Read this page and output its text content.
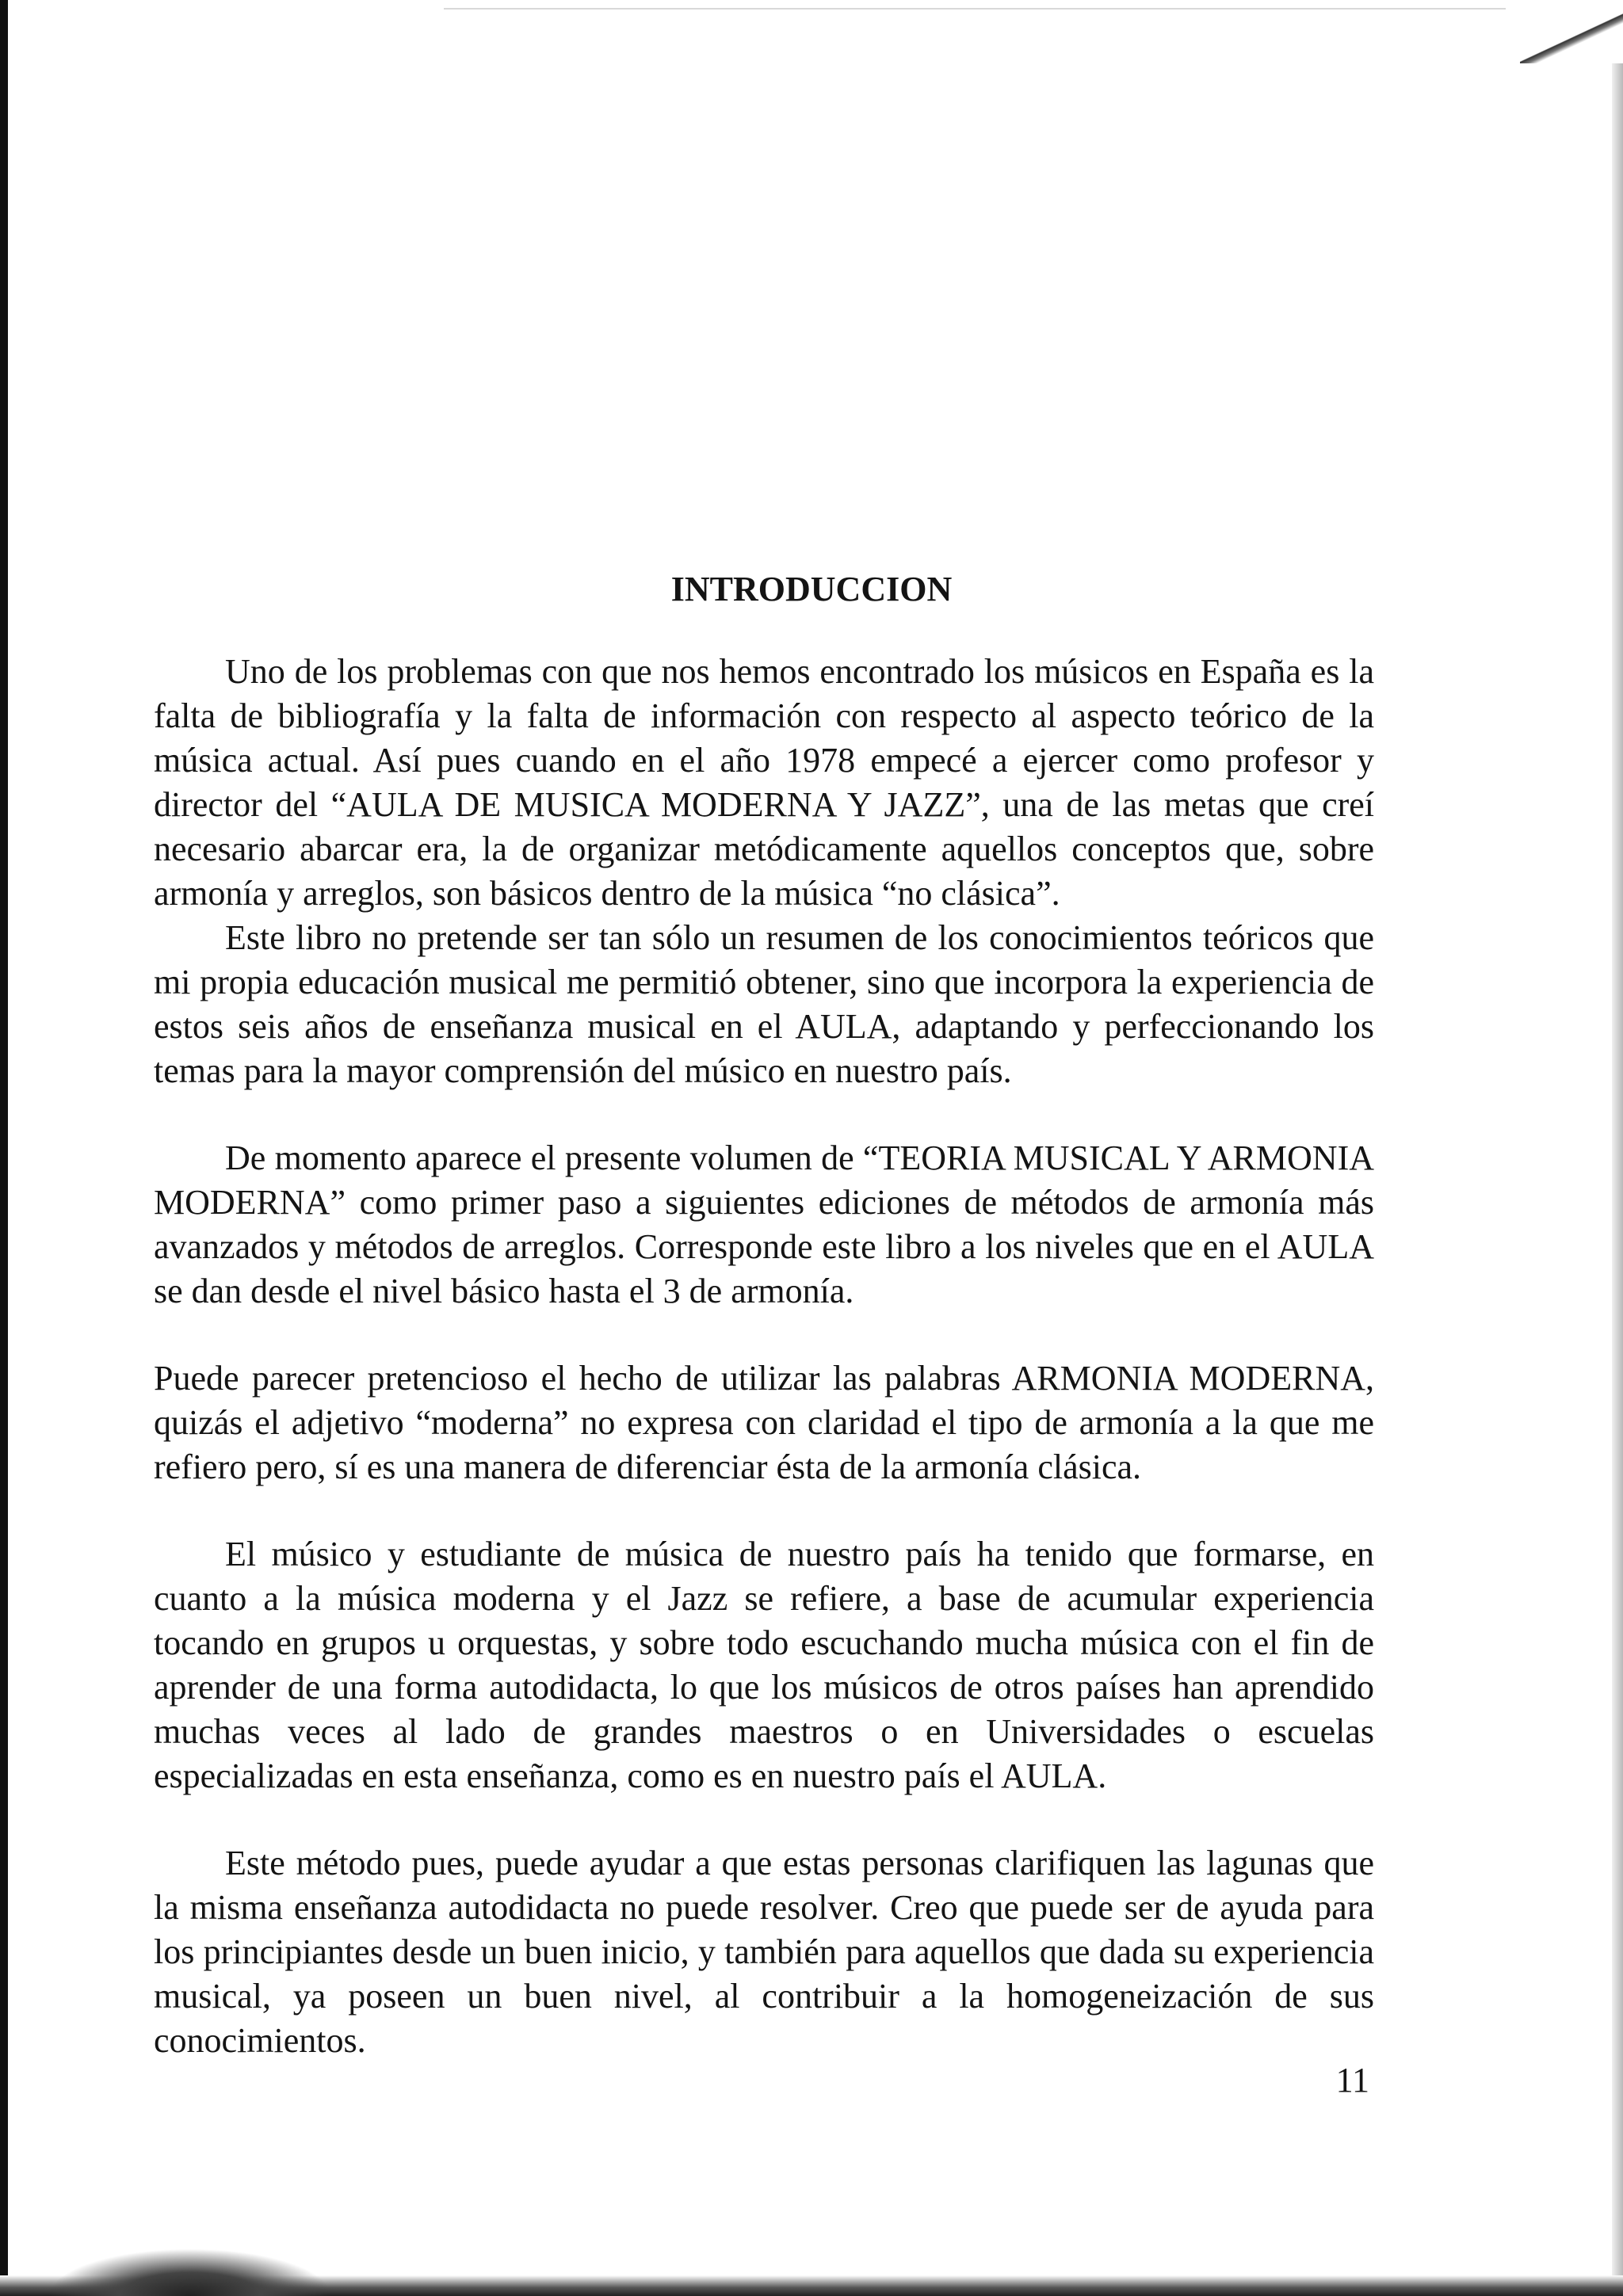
INTRODUCCION

Uno de los problemas con que nos hemos encontrado los músicos en España es la falta de bibliografía y la falta de información con respecto al aspecto teórico de la música actual. Así pues cuando en el año 1978 empecé a ejercer como profesor y director del “AULA DE MUSICA MODERNA Y JAZZ”, una de las metas que creí necesario abarcar era, la de organizar metódicamente aquellos conceptos que, sobre armonía y arreglos, son básicos dentro de la música “no clásica”.

Este libro no pretende ser tan sólo un resumen de los conocimientos teóricos que mi propia educación musical me permitió obtener, sino que incorpora la experiencia de estos seis años de enseñanza musical en el AULA, adaptando y perfeccionando los temas para la mayor comprensión del músico en nuestro país.

De momento aparece el presente volumen de “TEORIA MUSICAL Y ARMONIA MODERNA” como primer paso a siguientes ediciones de métodos de armonía más avanzados y métodos de arreglos. Corresponde este libro a los niveles que en el AULA se dan desde el nivel básico hasta el 3 de armonía.

Puede parecer pretencioso el hecho de utilizar las palabras ARMONIA MODERNA, quizás el adjetivo “moderna” no expresa con claridad el tipo de armonía a la que me refiero pero, sí es una manera de diferenciar ésta de la armonía clásica.

El músico y estudiante de música de nuestro país ha tenido que formarse, en cuanto a la música moderna y el Jazz se refiere, a base de acumular experiencia tocando en grupos u orquestas, y sobre todo escuchando mucha música con el fin de aprender de una forma autodidacta, lo que los músicos de otros países han aprendido muchas veces al lado de grandes maestros o en Universidades o escuelas especializadas en esta enseñanza, como es en nuestro país el AULA.

Este método pues, puede ayudar a que estas personas clarifiquen las lagunas que la misma enseñanza autodidacta no puede resolver. Creo que puede ser de ayuda para los principiantes desde un buen inicio, y también para aquellos que dada su experiencia musical, ya poseen un buen nivel, al contribuir a la homogeneización de sus conocimientos.

11
